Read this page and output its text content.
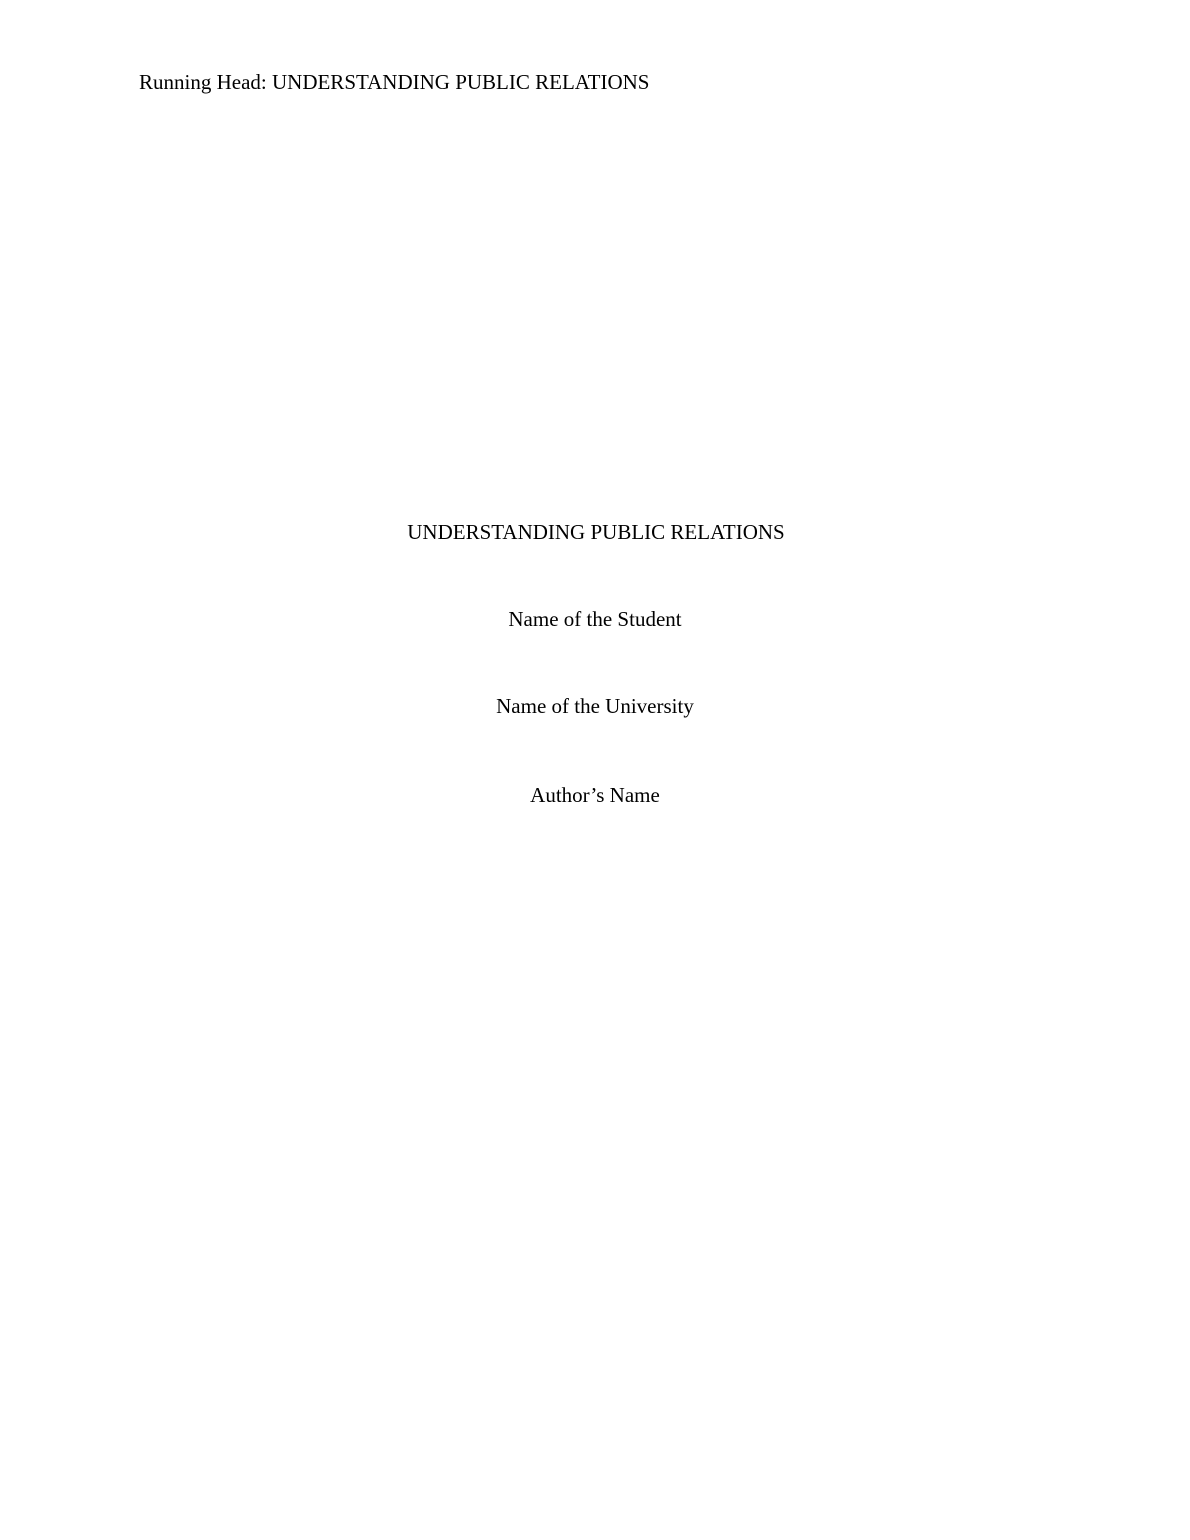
Running Head: UNDERSTANDING PUBLIC RELATIONS

UNDERSTANDING PUBLIC RELATIONS

Name of the Student

Name of the University

Author’s Name
